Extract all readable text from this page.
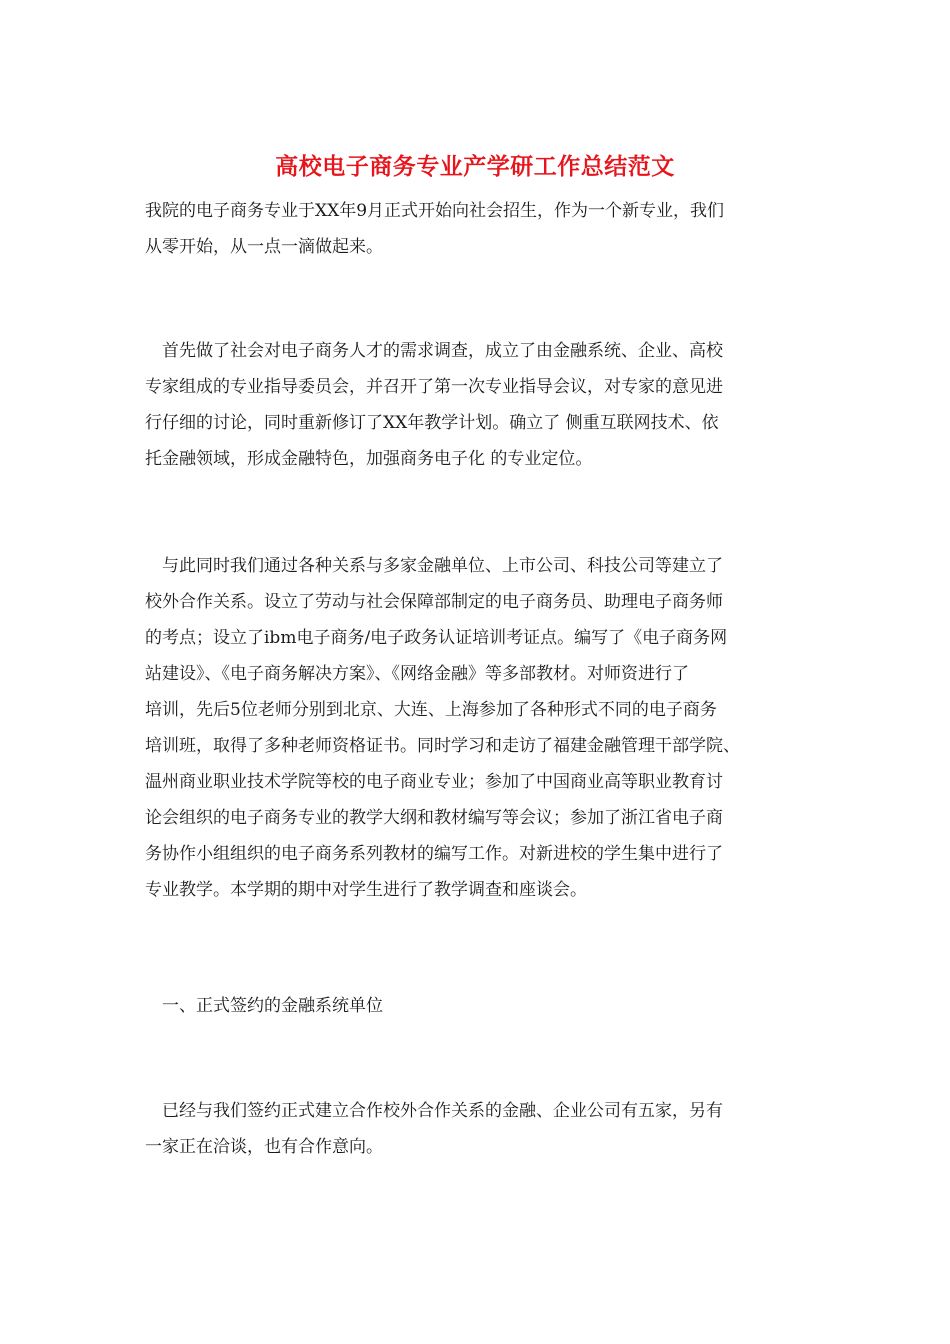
高校电子商务专业产学研工作总结范文
我院的电子商务专业于XX年9月正式开始向社会招生，作为一个新专业，我们
从零开始，从一点一滴做起来。
　首先做了社会对电子商务人才的需求调查，成立了由金融系统、企业、高校
专家组成的专业指导委员会，并召开了第一次专业指导会议，对专家的意见进
行仔细的讨论，同时重新修订了XX年教学计划。确立了 侧重互联网技术、依
托金融领域，形成金融特色，加强商务电子化 的专业定位。
　与此同时我们通过各种关系与多家金融单位、上市公司、科技公司等建立了
校外合作关系。设立了劳动与社会保障部制定的电子商务员、助理电子商务师
的考点；设立了ibm电子商务/电子政务认证培训考证点。编写了《电子商务网
站建设》、《电子商务解决方案》、《网络金融》等多部教材。对师资进行了
培训，先后5位老师分别到北京、大连、上海参加了各种形式不同的电子商务
培训班，取得了多种老师资格证书。同时学习和走访了福建金融管理干部学院、
温州商业职业技术学院等校的电子商业专业；参加了中国商业高等职业教育讨
论会组织的电子商务专业的教学大纲和教材编写等会议；参加了浙江省电子商
务协作小组组织的电子商务系列教材的编写工作。对新进校的学生集中进行了
专业教学。本学期的期中对学生进行了教学调查和座谈会。
　一、正式签约的金融系统单位
　已经与我们签约正式建立合作校外合作关系的金融、企业公司有五家，另有
一家正在洽谈，也有合作意向。
